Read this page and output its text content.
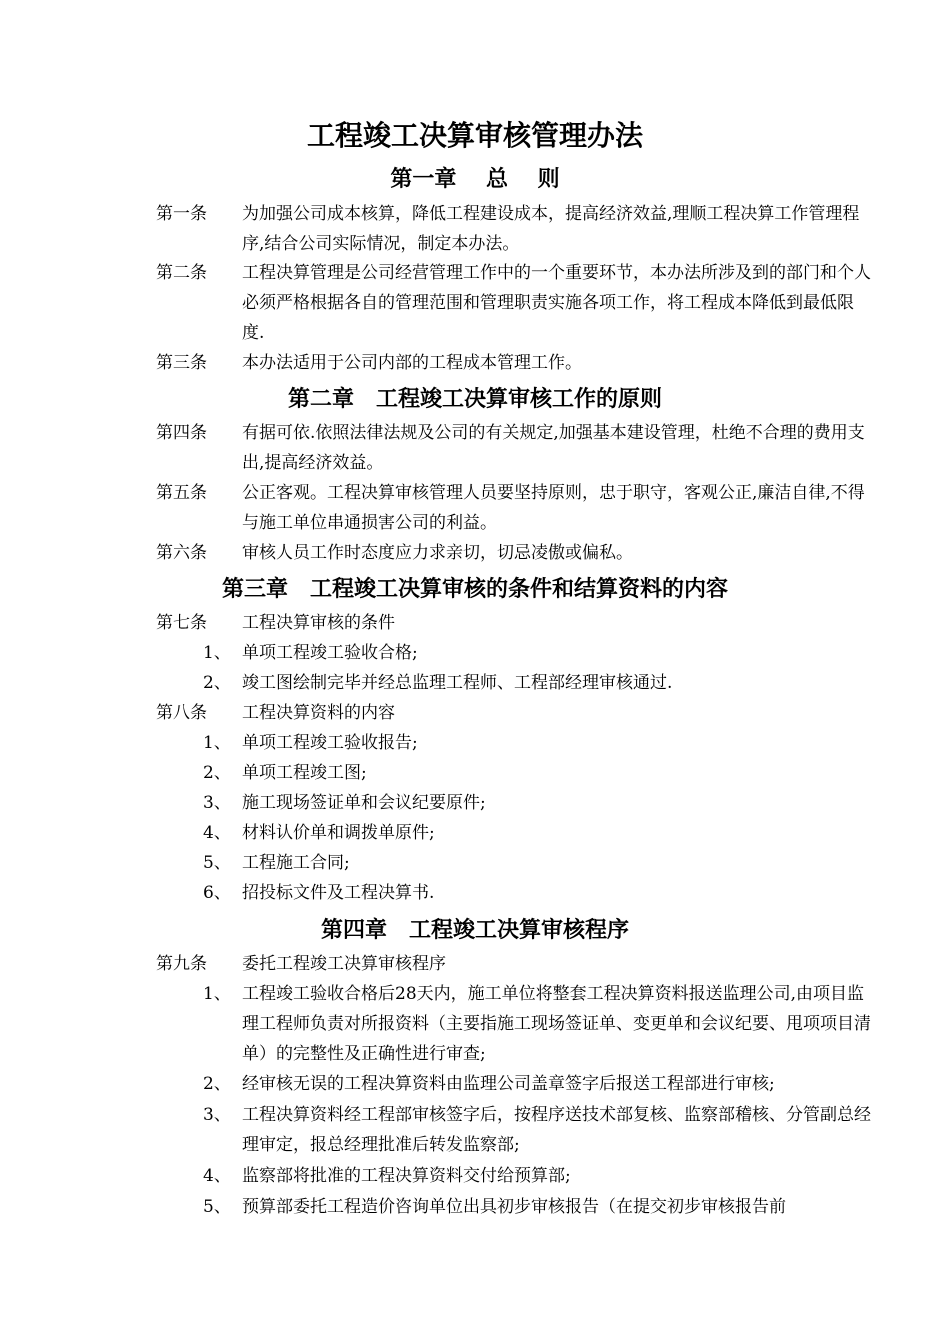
工程竣工决算审核管理办法
第一章　 总　 则
第一条	为加强公司成本核算，降低工程建设成本，提高经济效益,理顺工程决算工作管理程序,结合公司实际情况，制定本办法。
第二条	工程决算管理是公司经营管理工作中的一个重要环节，本办法所涉及到的部门和个人必须严格根据各自的管理范围和管理职责实施各项工作，将工程成本降低到最低限度.
第三条	本办法适用于公司内部的工程成本管理工作。
第二章　工程竣工决算审核工作的原则
第四条	有据可依.依照法律法规及公司的有关规定,加强基本建设管理，杜绝不合理的费用支出,提高经济效益。
第五条	公正客观。工程决算审核管理人员要坚持原则，忠于职守，客观公正,廉洁自律,不得与施工单位串通损害公司的利益。
第六条	审核人员工作时态度应力求亲切，切忌凌傲或偏私。
第三章　工程竣工决算审核的条件和结算资料的内容
第七条	工程决算审核的条件
1、 单项工程竣工验收合格;
2、 竣工图绘制完毕并经总监理工程师、工程部经理审核通过.
第八条	工程决算资料的内容
1、 单项工程竣工验收报告;
2、 单项工程竣工图;
3、 施工现场签证单和会议纪要原件;
4、 材料认价单和调拨单原件;
5、 工程施工合同;
6、 招投标文件及工程决算书.
第四章　工程竣工决算审核程序
第九条	委托工程竣工决算审核程序
1、 工程竣工验收合格后28天内，施工单位将整套工程决算资料报送监理公司,由项目监理工程师负责对所报资料（主要指施工现场签证单、变更单和会议纪要、甩项项目清单）的完整性及正确性进行审查;
2、 经审核无误的工程决算资料由监理公司盖章签字后报送工程部进行审核;
3、 工程决算资料经工程部审核签字后，按程序送技术部复核、监察部稽核、分管副总经理审定，报总经理批准后转发监察部;
4、 监察部将批准的工程决算资料交付给预算部;
5、 预算部委托工程造价咨询单位出具初步审核报告（在提交初步审核报告前
